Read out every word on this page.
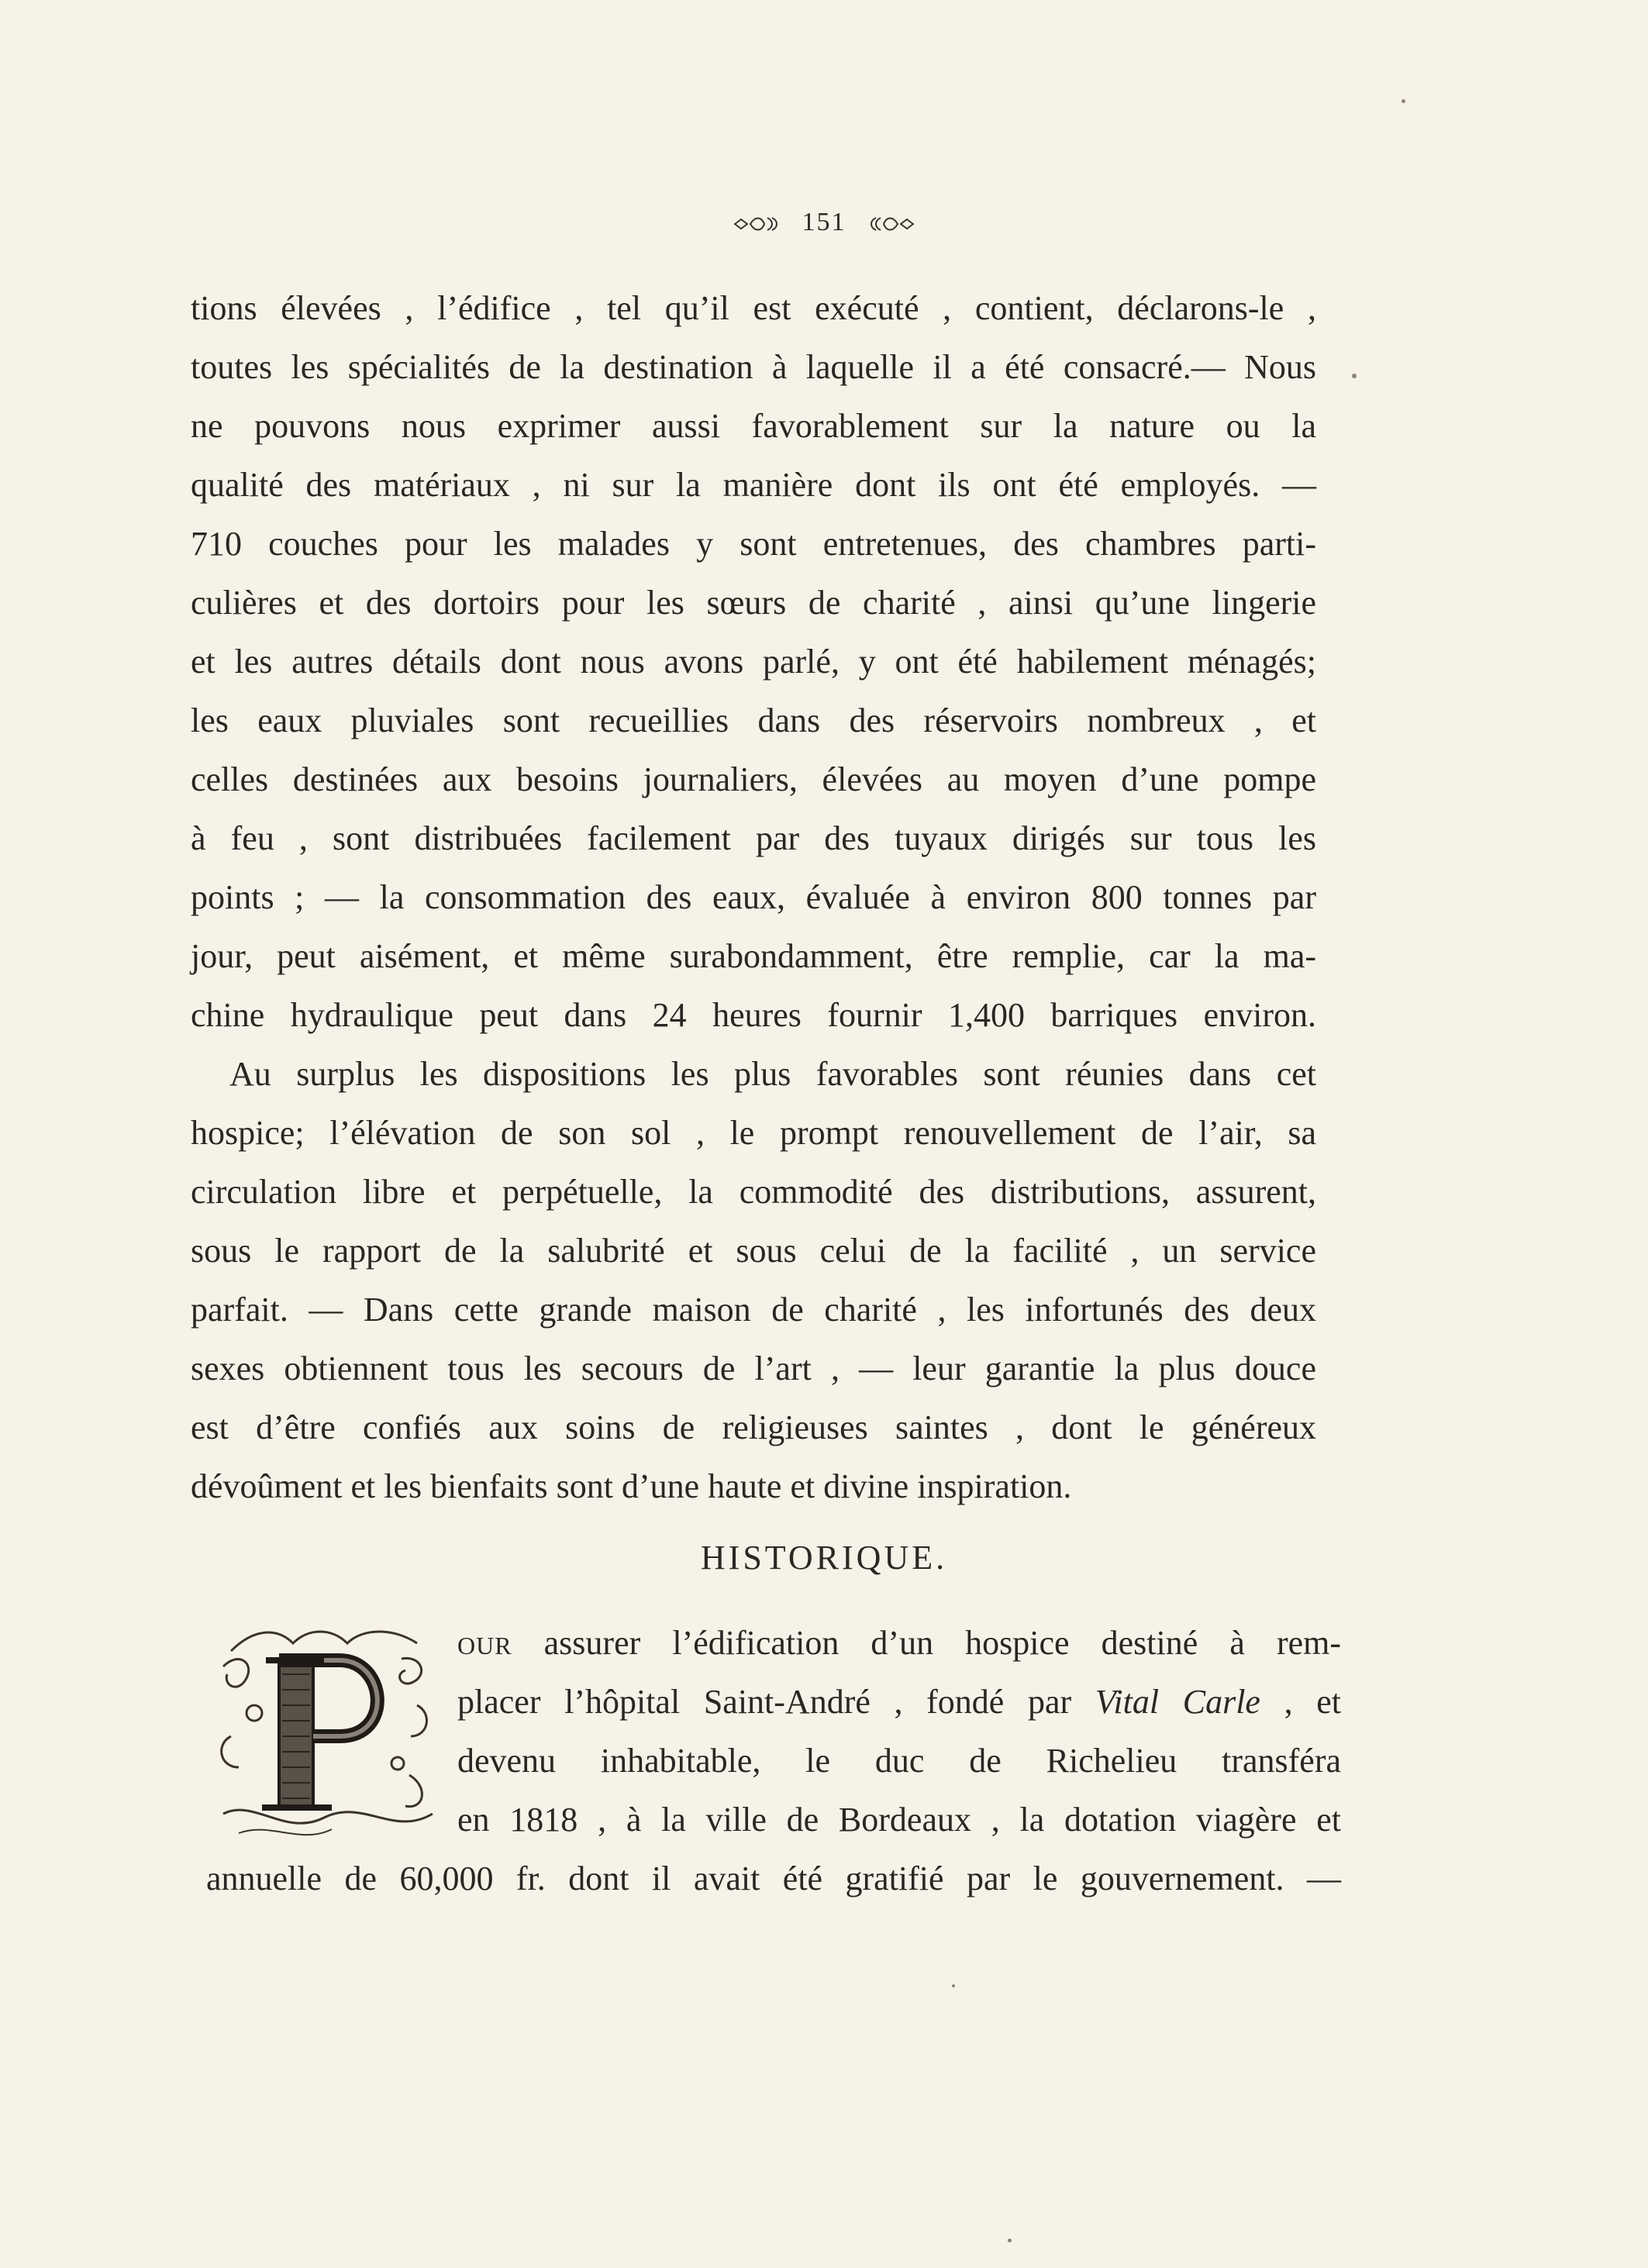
151
tions élevées , l’édifice , tel qu’il est exécuté , contient, déclarons-le ,
toutes les spécialités de la destination à laquelle il a été consacré.— Nous
ne pouvons nous exprimer aussi favorablement sur la nature ou la
qualité des matériaux , ni sur la manière dont ils ont été employés. —
710 couches pour les malades y sont entretenues, des chambres parti-
culières et des dortoirs pour les sœurs de charité , ainsi qu’une lingerie
et les autres détails dont nous avons parlé, y ont été habilement ménagés;
les eaux pluviales sont recueillies dans des réservoirs nombreux , et
celles destinées aux besoins journaliers, élevées au moyen d’une pompe
à feu , sont distribuées facilement par des tuyaux dirigés sur tous les
points ; — la consommation des eaux, évaluée à environ 800 tonnes par
jour, peut aisément, et même surabondamment, être remplie, car la ma-
chine hydraulique peut dans 24 heures fournir 1,400 barriques environ.
Au surplus les dispositions les plus favorables sont réunies dans cet
hospice; l’élévation de son sol , le prompt renouvellement de l’air, sa
circulation libre et perpétuelle, la commodité des distributions, assurent,
sous le rapport de la salubrité et sous celui de la facilité , un service
parfait. — Dans cette grande maison de charité , les infortunés des deux
sexes obtiennent tous les secours de l’art , — leur garantie la plus douce
est d’être confiés aux soins de religieuses saintes , dont le généreux
dévoûment et les bienfaits sont d’une haute et divine inspiration.
HISTORIQUE.
OUR assurer l’édification d’un hospice destiné à rem-
placer l’hôpital Saint-André , fondé par Vital Carle , et
devenu inhabitable, le duc de Richelieu transféra
en 1818 , à la ville de Bordeaux , la dotation viagère et
annuelle de 60,000 fr. dont il avait été gratifié par le gouvernement. —
